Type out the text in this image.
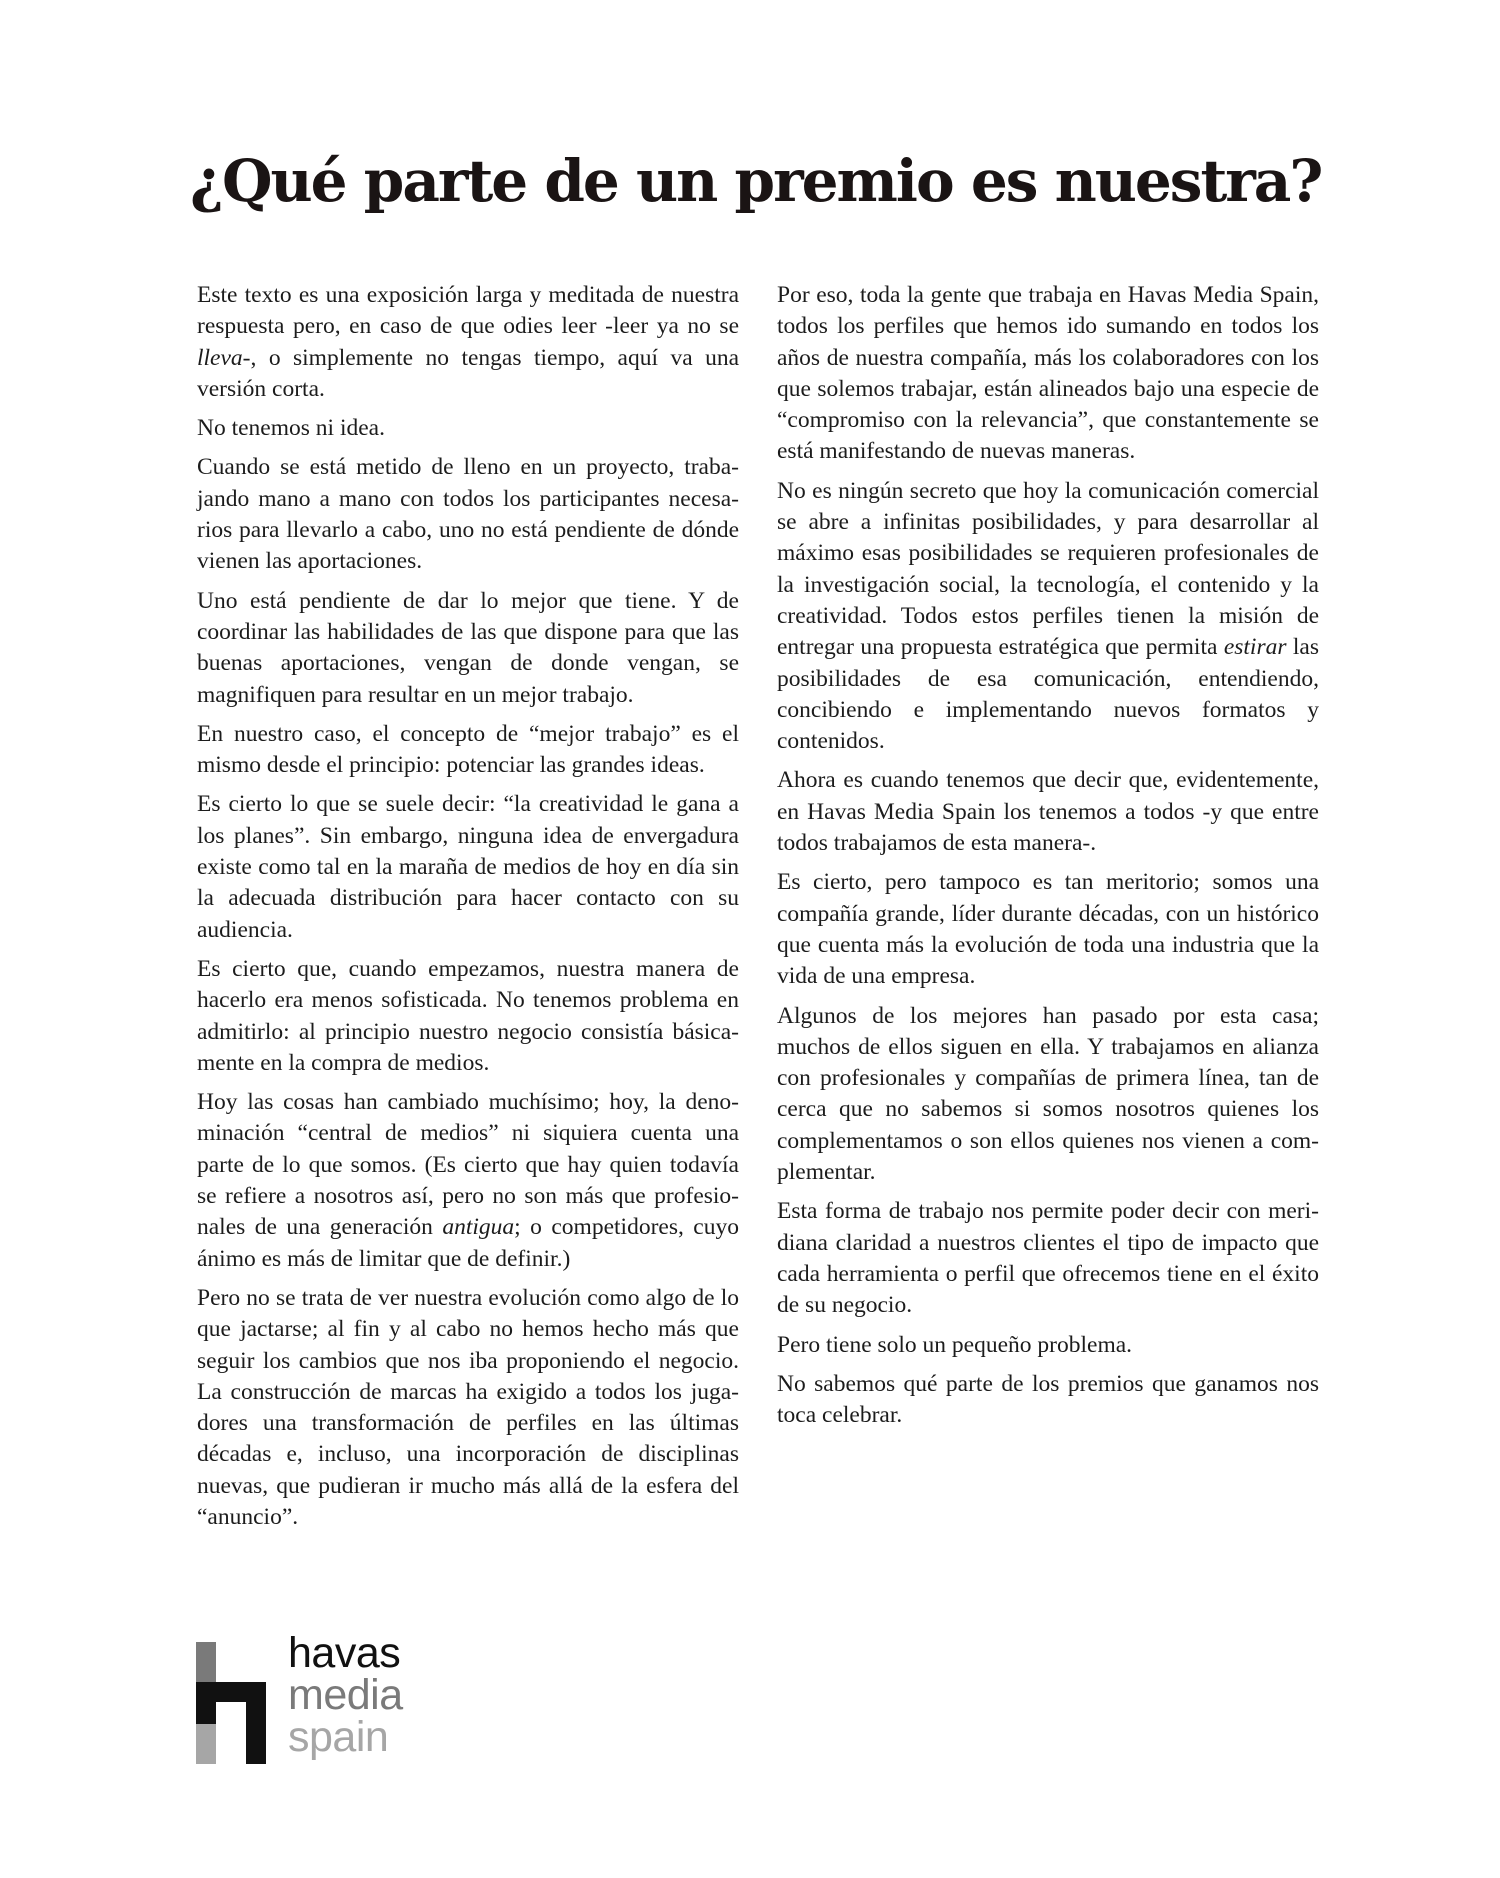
¿Qué parte de un premio es nuestra?

Este texto es una exposición larga y meditada de nuestra respuesta pero, en caso de que odies leer -leer ya no se lleva-, o simplemente no tengas tiempo, aquí va una versión corta.

No tenemos ni idea.

Cuando se está metido de lleno en un proyecto, trabajando mano a mano con todos los participantes necesarios para llevarlo a cabo, uno no está pendiente de dónde vienen las aportaciones.

Uno está pendiente de dar lo mejor que tiene. Y de coordinar las habilidades de las que dispone para que las buenas aportaciones, vengan de donde vengan, se magnifiquen para resultar en un mejor trabajo.

En nuestro caso, el concepto de “mejor trabajo” es el mismo desde el principio: potenciar las grandes ideas.

Es cierto lo que se suele decir: “la creatividad le gana a los planes”. Sin embargo, ninguna idea de envergadura existe como tal en la maraña de medios de hoy en día sin la adecuada distribución para hacer contacto con su audiencia.

Es cierto que, cuando empezamos, nuestra manera de hacerlo era menos sofisticada. No tenemos problema en admitirlo: al principio nuestro negocio consistía básicamente en la compra de medios.

Hoy las cosas han cambiado muchísimo; hoy, la denominación “central de medios” ni siquiera cuenta una parte de lo que somos. (Es cierto que hay quien todavía se refiere a nosotros así, pero no son más que profesionales de una generación antigua; o competidores, cuyo ánimo es más de limitar que de definir.)

Pero no se trata de ver nuestra evolución como algo de lo que jactarse; al fin y al cabo no hemos hecho más que seguir los cambios que nos iba proponiendo el negocio. La construcción de marcas ha exigido a todos los jugadores una transformación de perfiles en las últimas décadas e, incluso, una incorporación de disciplinas nuevas, que pudieran ir mucho más allá de la esfera del “anuncio”.

Por eso, toda la gente que trabaja en Havas Media Spain, todos los perfiles que hemos ido sumando en todos los años de nuestra compañía, más los colaboradores con los que solemos trabajar, están alineados bajo una especie de “compromiso con la relevancia”, que constantemente se está manifestando de nuevas maneras.

No es ningún secreto que hoy la comunicación comercial se abre a infinitas posibilidades, y para desarrollar al máximo esas posibilidades se requieren profesionales de la investigación social, la tecnología, el contenido y la creatividad. Todos estos perfiles tienen la misión de entregar una propuesta estratégica que permita estirar las posibilidades de esa comunicación, entendiendo, concibiendo e implementando nuevos formatos y contenidos.

Ahora es cuando tenemos que decir que, evidentemente, en Havas Media Spain los tenemos a todos -y que entre todos trabajamos de esta manera-.

Es cierto, pero tampoco es tan meritorio; somos una compañía grande, líder durante décadas, con un histórico que cuenta más la evolución de toda una industria que la vida de una empresa.

Algunos de los mejores han pasado por esta casa; muchos de ellos siguen en ella. Y trabajamos en alianza con profesionales y compañías de primera línea, tan de cerca que no sabemos si somos nosotros quienes los complementamos o son ellos quienes nos vienen a complementar.

Esta forma de trabajo nos permite poder decir con meridiana claridad a nuestros clientes el tipo de impacto que cada herramienta o perfil que ofrecemos tiene en el éxito de su negocio.

Pero tiene solo un pequeño problema.

No sabemos qué parte de los premios que ganamos nos toca celebrar.

havas
media
spain
